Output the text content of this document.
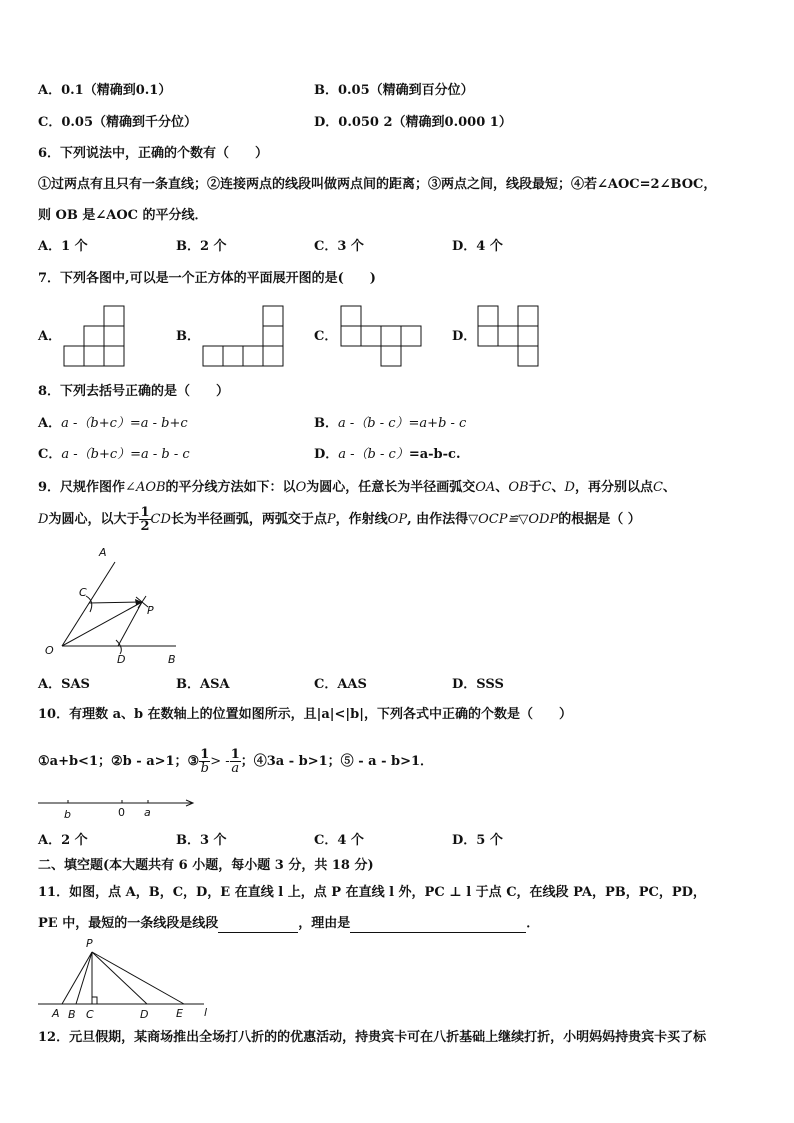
A．0.1（精确到0.1）	B．0.05（精确到百分位）
C．0.05（精确到千分位）	D．0.050 2（精确到0.000 1）
6．下列说法中，正确的个数有（　　）
①过两点有且只有一条直线；②连接两点的线段叫做两点间的距离；③两点之间，线段最短；④若∠AOC=2∠BOC，
则 OB 是∠AOC 的平分线．
A．1 个	B．2 个	C．3 个	D．4 个
7．下列各图中,可以是一个正方体的平面展开图的是(　　)
A．	B．	C．	D．
8．下列去括号正确的是（　　）
A．a -（b+c）=a - b+c	B．a -（b - c）=a+b - c
C．a -（b+c）=a - b - c	D．a -（b - c）=a-b-c.
9．尺规作图作∠AOB的平分线方法如下：以O为圆心，任意长为半径画弧交OA、OB于C、D，再分别以点C、
D为圆心，以大于 $\frac{1}{2}$ CD长为半径画弧，两弧交于点P，作射线OP, 由作法得▽OCP≌▽ODP的根据是（ ）
A
C
P
O
D	B
A．SAS	B．ASA	C．AAS	D．SSS
10．有理数 a、b 在数轴上的位置如图所示，且|a|<|b|，下列各式中正确的个数是（　　）
①a+b<1；②b - a>1；③ $\frac{1}{b}$ > - $\frac{1}{a}$ ；④3a - b>1；⑤ - a - b>1．
b	0 a
A．2 个	B．3 个	C．4 个	D．5 个
二、填空题(本大题共有 6 小题，每小题 3 分，共 18 分)
11．如图，点 A，B，C，D，E 在直线 l 上，点 P 在直线 l 外，PC ⊥ l 于点 C，在线段 PA，PB，PC，PD，
PE 中，最短的一条线段是线段	，理由是	．
P
A B C	D	E l
12．元旦假期，某商场推出全场打八折的的优惠活动，持贵宾卡可在八折基础上继续打折，小明妈妈持贵宾卡买了标
